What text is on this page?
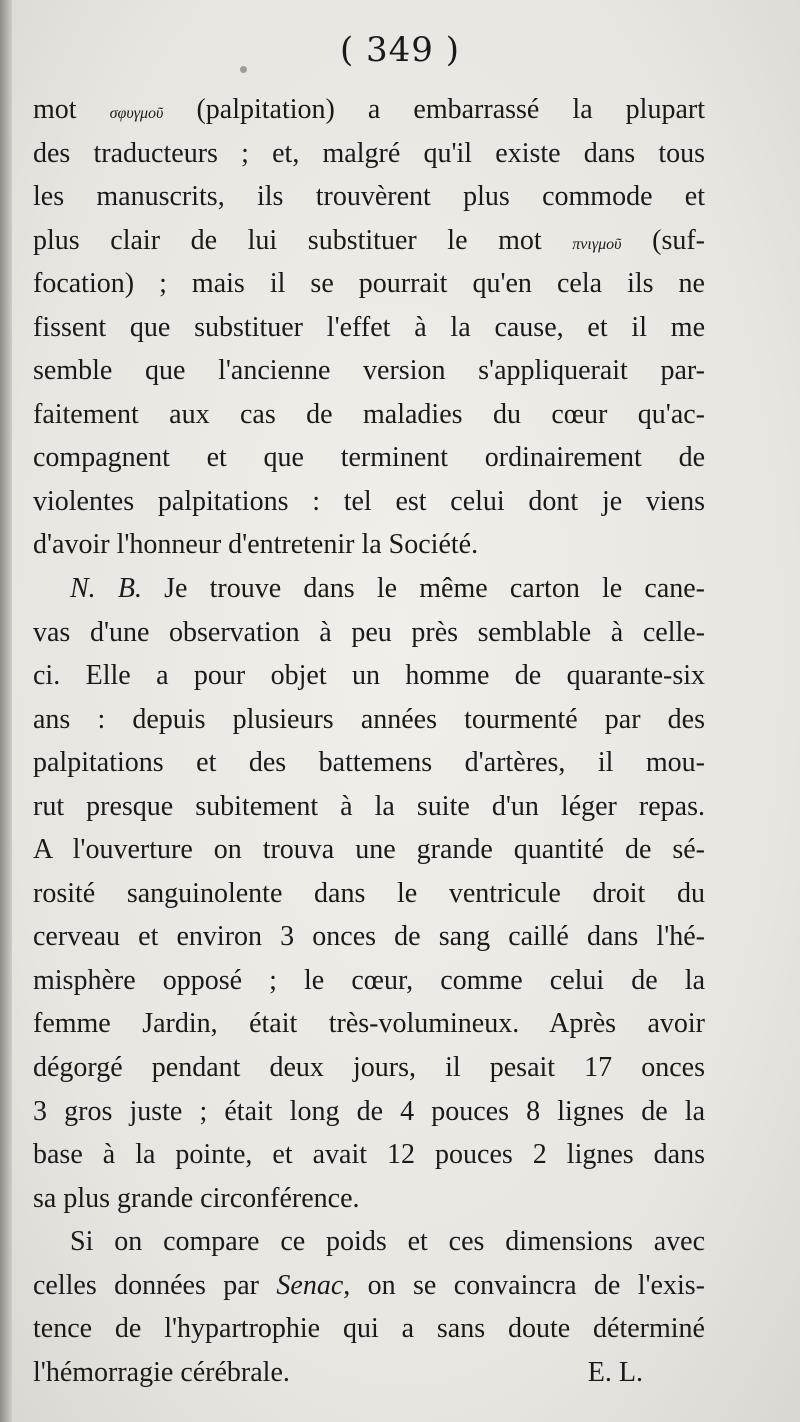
( 349 )
mot σφυγμοῦ (palpitation) a embarrassé la plupart
des traducteurs ; et, malgré qu'il existe dans tous
les manuscrits, ils trouvèrent plus commode et
plus clair de lui substituer le mot πνιγμοῦ (suf-
focation) ; mais il se pourrait qu'en cela ils ne
fissent que substituer l'effet à la cause, et il me
semble que l'ancienne version s'appliquerait par-
faitement aux cas de maladies du cœur qu'ac-
compagnent et que terminent ordinairement de
violentes palpitations : tel est celui dont je viens
d'avoir l'honneur d'entretenir la Société.
N. B. Je trouve dans le même carton le cane-
vas d'une observation à peu près semblable à celle-
ci. Elle a pour objet un homme de quarante-six
ans : depuis plusieurs années tourmenté par des
palpitations et des battemens d'artères, il mou-
rut presque subitement à la suite d'un léger repas.
A l'ouverture on trouva une grande quantité de sé-
rosité sanguinolente dans le ventricule droit du
cerveau et environ 3 onces de sang caillé dans l'hé-
misphère opposé ; le cœur, comme celui de la
femme Jardin, était très-volumineux. Après avoir
dégorgé pendant deux jours, il pesait 17 onces
3 gros juste ; était long de 4 pouces 8 lignes de la
base à la pointe, et avait 12 pouces 2 lignes dans
sa plus grande circonférence.
Si on compare ce poids et ces dimensions avec
celles données par Senac, on se convaincra de l'exis-
tence de l'hypartrophie qui a sans doute déterminé
l'hémorragie cérébrale.	E. L.
